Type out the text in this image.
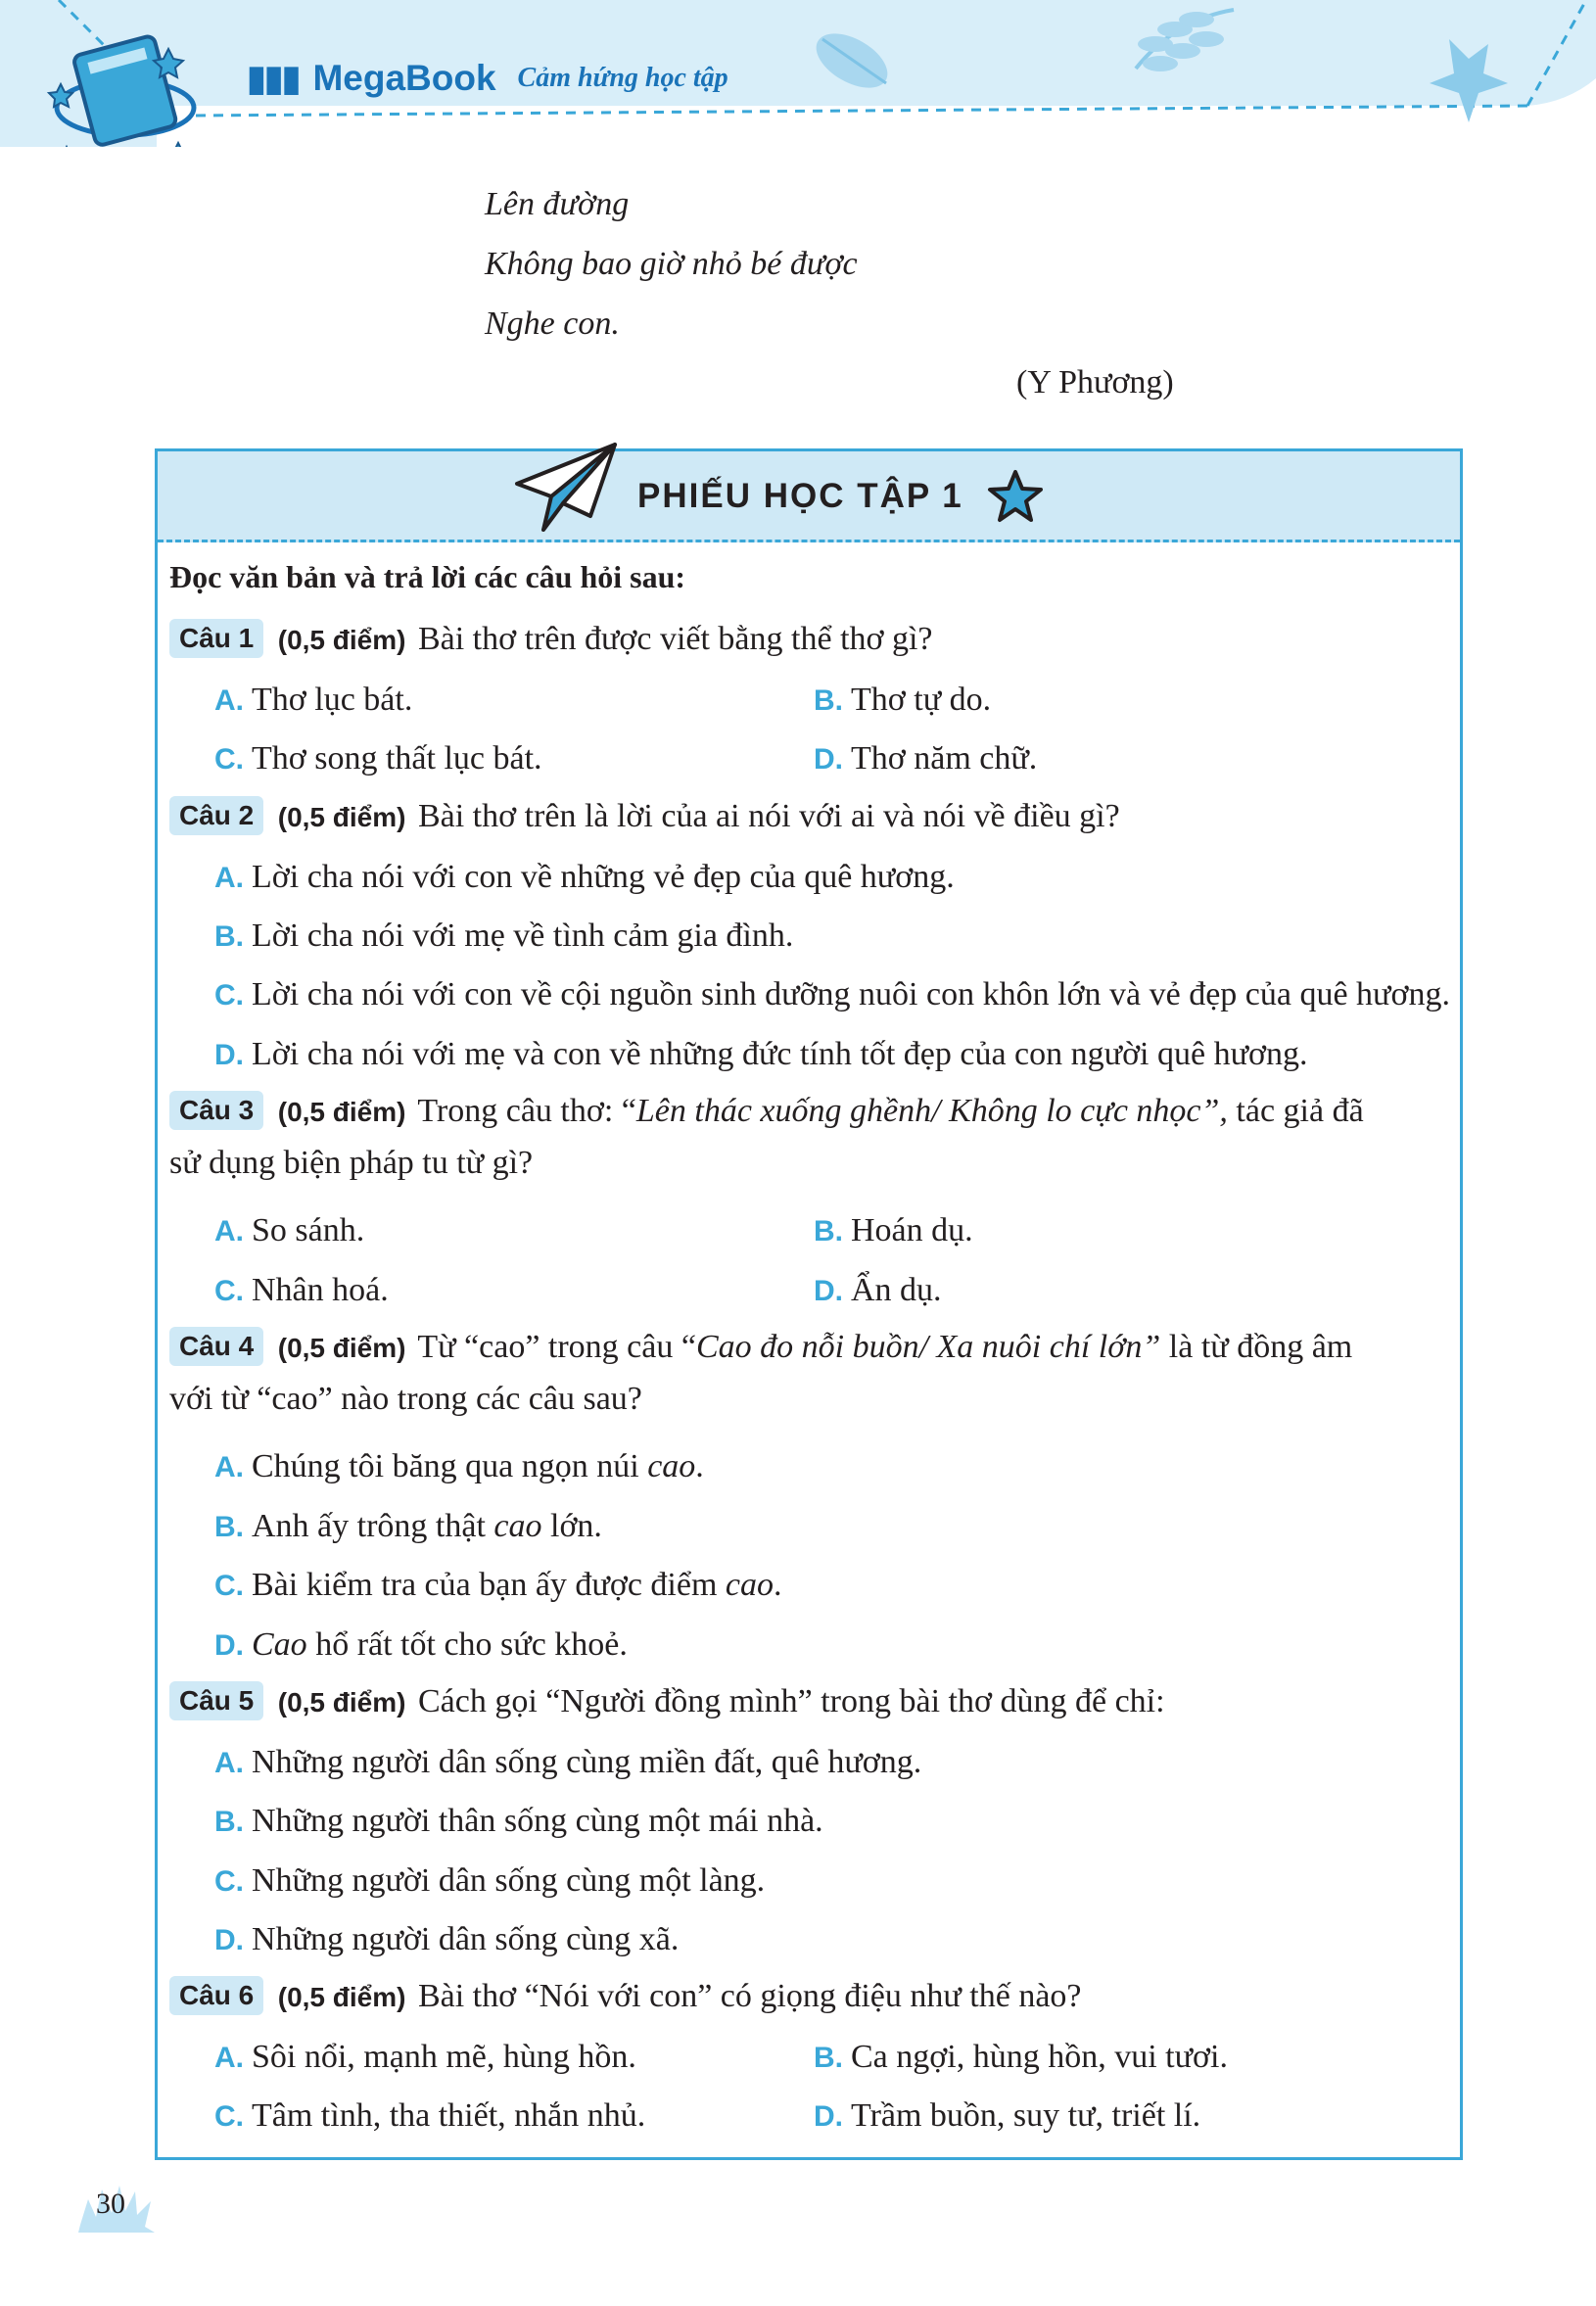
▮▮▮ MegaBook Cảm hứng học tập
Lên đường
Không bao giờ nhỏ bé được
Nghe con.
(Y Phương)
PHIẾU HỌC TẬP 1
Đọc văn bản và trả lời các câu hỏi sau:
Câu 1 (0,5 điểm) Bài thơ trên được viết bằng thể thơ gì?
A. Thơ lục bát.	B. Thơ tự do.
C. Thơ song thất lục bát.	D. Thơ năm chữ.
Câu 2 (0,5 điểm) Bài thơ trên là lời của ai nói với ai và nói về điều gì?
A. Lời cha nói với con về những vẻ đẹp của quê hương.
B. Lời cha nói với mẹ về tình cảm gia đình.
C. Lời cha nói với con về cội nguồn sinh dưỡng nuôi con khôn lớn và vẻ đẹp của quê hương.
D. Lời cha nói với mẹ và con về những đức tính tốt đẹp của con người quê hương.
Câu 3 (0,5 điểm) Trong câu thơ: “Lên thác xuống ghềnh/ Không lo cực nhọc”, tác giả đã
sử dụng biện pháp tu từ gì?
A. So sánh.	B. Hoán dụ.
C. Nhân hoá.	D. Ẩn dụ.
Câu 4 (0,5 điểm) Từ “cao” trong câu “Cao đo nỗi buồn/ Xa nuôi chí lớn” là từ đồng âm
với từ “cao” nào trong các câu sau?
A. Chúng tôi băng qua ngọn núi cao.
B. Anh ấy trông thật cao lớn.
C. Bài kiểm tra của bạn ấy được điểm cao.
D. Cao hổ rất tốt cho sức khoẻ.
Câu 5 (0,5 điểm) Cách gọi “Người đồng mình” trong bài thơ dùng để chỉ:
A. Những người dân sống cùng miền đất, quê hương.
B. Những người thân sống cùng một mái nhà.
C. Những người dân sống cùng một làng.
D. Những người dân sống cùng xã.
Câu 6 (0,5 điểm) Bài thơ “Nói với con” có giọng điệu như thế nào?
A. Sôi nổi, mạnh mẽ, hùng hồn.	B. Ca ngợi, hùng hồn, vui tươi.
C. Tâm tình, tha thiết, nhắn nhủ.	D. Trầm buồn, suy tư, triết lí.
30
